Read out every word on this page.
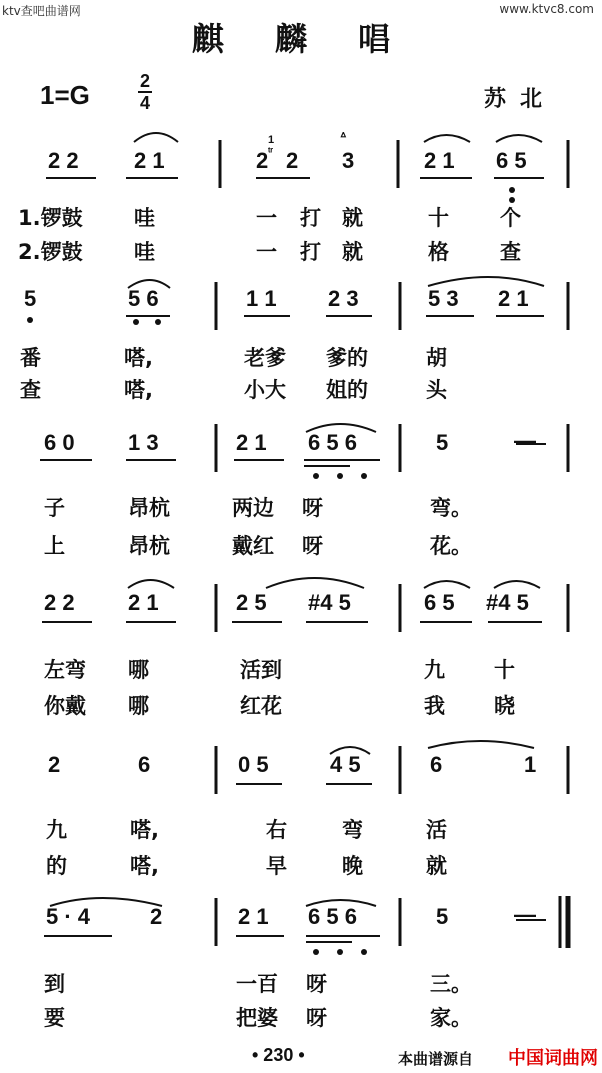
ktv查吧曲谱网	www.ktvc8.com
麒 麟 唱
1=G	2
4	苏北
2 2	2 1	2 2 3	2 1 6 5
1
ᵗʳ
ᐞ
1.锣鼓 哇	一 打 就	十 个
2.锣鼓 哇	一 打 就	格 查
5	5 6	1 1 2 3	5 3 2 1
番	嗒,	老爹 爹的	胡
查	嗒,	小大 姐的	头
6 0 1 3	2 1 6 5 6	5	—
子	昂杭	两边 呀	弯。
上	昂杭	戴红 呀	花。
2 2 2 1	2 5 #4 5	6 5 #4 5
左弯 哪	活到	九 十
你戴 哪	红花	我 晓
2	6	0 5	4 5	6	1
九	嗒,	右	弯	活
的	嗒,	早	晚	就
5 · 4	2	2 1 6 5 6	5	—
到	一百 呀	三。
要	把婆 呀	家。
• 230 •	本曲谱源自 中国词曲网
